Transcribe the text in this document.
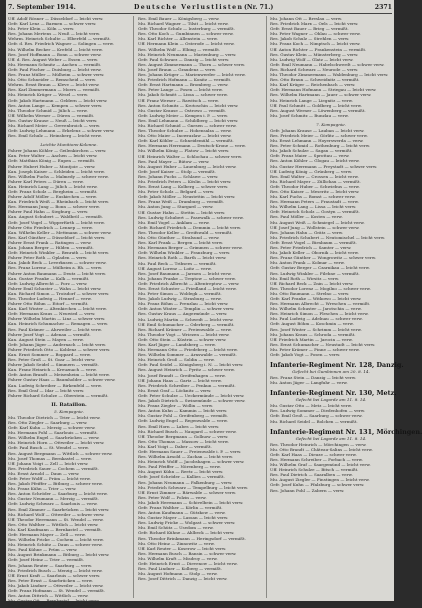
7. September 1914.	Deutsche Verlustlisten (Nr. 71.)	2371
Uff. Adolf Rösner — Düsseldorf — leicht verw.
Gefr. Karl Lenz — Barmen — schwer verw.
Mu. Peter Klein — Köln — verw.
Res. Johann Mertens — Neuß — leicht verw.
Wehrm. Heinrich Schulte — Elberfeld — vermißt.
Gefr. d. Res. Friedrich Wagner — Solingen — verw.
Mu. Wilhelm Becker — Krefeld — leicht verw.
Res. Josef Hoffmann — Bonn — schwer verw.
Uff. d. Res. August Weber — Essen — verw.
Mu. Hermann Schmitz — Aachen — vermißt.
Gefr. Paul Fischer — Duisburg — leicht verw.
Res. Franz Müller — Mülheim — schwer verw.
Mu. Otto Schneider — Remscheid — verw.
Wehrm. Ernst Braun — Kleve — leicht verw.
Res. Karl Zimmermann — Moers — vermißt.
Mu. Heinrich Krüger — Wesel — verw.
Gefr. Jakob Hartmann — Geldern — leicht verw.
Res. Anton Lange — Kempen — schwer verw.
Mu. Theodor Schmid — Jülich — verw.
Uff. Wilhelm Werner — Düren — vermißt.
Res. Gustav Krause — Neuß — leicht verw.
Mu. Richard Meier — Grevenbroich — verw.
Gefr. Ludwig Lehmann — Erkelenz — schwer verw.
Res. Emil Schulz — Heinsberg — leicht verw.
Leichte Munitions-Kolonne.
Fahrer Johann Köhler — Geilenkirchen — verw.
Kan. Peter Walter — Aachen — leicht verw.
Gefr. Matthias König — Eupen — vermißt.
Fahrer Hubert Huber — Montjoie — verw.
Kan. Joseph Kaiser — Schleiden — leicht verw.
Res. Wilhelm Fuchs — Malmedy — schwer verw.
Fahrer Karl Peters — Düren — verw.
Kan. Heinrich Lang — Jülich — leicht verw.
Gefr. Franz Scholz — Bergheim — vermißt.
Fahrer Adolf Möller — Euskirchen — verw.
Kan. Friedrich Weiß — Rheinbach — leicht verw.
Res. Hermann Jung — Bonn — schwer verw.
Fahrer Paul Hahn — Siegburg — verw.
Kan. August Schubert — Waldbröl — vermißt.
Gefr. Josef Vogel — Wipperfürth — leicht verw.
Fahrer Otto Friedrich — Lennep — verw.
Kan. Wilhelm Keller — Mettmann — schwer verw.
Res. Karl Günther — Düsseldorf — leicht verw.
Fahrer Ernst Frank — Ratingen — verw.
Kan. Johann Berger — Hilden — vermißt.
Gefr. Heinrich Winkler — Benrath — leicht verw.
Fahrer Peter Roth — Opladen — verw.
Kan. Jakob Beck — Leverkusen — schwer verw.
Res. Franz Lorenz — Mülheim a. Rh. — verw.
Fahrer Anton Baumann — Deutz — leicht verw.
Kan. Gustav Franke — Kalk — vermißt.
Gefr. Ludwig Albrecht — Porz — verw.
Fahrer Emil Schuster — Wahn — leicht verw.
Kan. Richard Simon — Troisdorf — schwer verw.
Res. Theodor Ludwig — Hennef — verw.
Fahrer Otto Böhm — Eitorf — vermißt.
Kan. Karl Winter — Altenkirchen — leicht verw.
Gefr. Hermann Kraus — Neuwied — verw.
Fahrer Wilhelm Martin — Linz — schwer verw.
Kan. Heinrich Schumacher — Remagen — verw.
Res. Paul Krämer — Ahrweiler — leicht verw.
Fahrer Josef Vogt — Adenau — vermißt.
Kan. August Stein — Mayen — verw.
Gefr. Johann Jäger — Andernach — leicht verw.
Fahrer Friedrich Otto — Koblenz — schwer verw.
Kan. Ernst Sommer — Boppard — verw.
Res. Peter Groß — St. Goar — leicht verw.
Fahrer Jakob Seidel — Simmern — vermißt.
Kan. Franz Heinrich — Kreuznach — verw.
Gefr. Anton Brandt — Meisenheim — leicht verw.
Fahrer Gustav Haas — Baumholder — schwer verw.
Kan. Ludwig Schreiber — Birkenfeld — verw.
Res. Emil Graf — Idar — leicht verw.
Fahrer Richard Schulze — Oberstein — vermißt.
II. Bataillon.
5. Kompagnie.
Mu. Theodor Dietrich — Trier — leicht verw.
Res. Otto Ziegler — Saarburg — verw.
Gefr. Karl Kuhn — Merzig — schwer verw.
Mu. Hermann Pohl — Saarlouis — vermißt.
Res. Wilhelm Engel — Saarbrücken — verw.
Mu. Heinrich Horn — Ottweiler — leicht verw.
Gefr. Paul Busch — St. Wendel — verw.
Res. August Bergmann — Wittlich — schwer verw.
Mu. Josef Thomas — Bernkastel — verw.
Uff. Johann Voigt — Zell — leicht verw.
Res. Friedrich Sauer — Cochem — vermißt.
Mu. Ernst Arnold — Daun — verw.
Gefr. Peter Wolff — Prüm — leicht verw.
Res. Jakob Pfeiffer — Bitburg — schwer verw.
Mu. Franz Kühn — Trier — verw.
Res. Anton Schröder — Saarburg — leicht verw.
Mu. Gustav Neumann — Merzig — vermißt.
Gefr. Ludwig Schwarz — Saarlouis — verw.
Res. Emil Zimmer — Saarbrücken — leicht verw.
Mu. Richard Wolf — Ottweiler — schwer verw.
Uff. Theodor Herrmann — St. Wendel — verw.
Res. Otto Walther — Wittlich — leicht verw.
Mu. Karl Kaufmann — Bernkastel — vermißt.
Gefr. Hermann Mayer — Zell — verw.
Res. Wilhelm Fricke — Cochem — leicht verw.
Mu. Heinrich Schütz — Daun — schwer verw.
Res. Paul Kühne — Prüm — verw.
Mu. August Brinkmann — Bitburg — leicht verw.
Gefr. Josef Heinz — Trier — vermißt.
Res. Johann Reuter — Saarburg — verw.
Mu. Friedrich Busch — Merzig — leicht verw.
Uff. Ernst Kraft — Saarlouis — schwer verw.
Res. Peter Ernst — Saarbrücken — verw.
Mu. Jakob Lindner — Ottweiler — leicht verw.
Gefr. Franz Hofmann — St. Wendel — vermißt.
Res. Anton Dittrich — Wittlich — verw.
Mu. Gustav Ott — Bernkastel — leicht verw.
Res. Ludwig Marx — Zell — schwer verw.
Res. Emil Bauer — Königsberg — verw.
Mu. Richard Wagner — Tilsit — leicht verw.
Gefr. Theodor Schulz — Insterburg — vermißt.
Res. Otto Koch — Gumbinnen — schwer verw.
Mu. Karl Richter — Allenstein — verw.
Uff. Hermann Klein — Osterode — leicht verw.
Res. Wilhelm Wolf — Elbing — vermißt.
Mu. Heinrich Neumann — Marienburg — verw.
Gefr. Paul Schwarz — Danzig — leicht verw.
Res. August Zimmermann — Thorn — schwer verw.
Mu. Josef Braun — Graudenz — verw.
Res. Johann Krüger — Marienwerder — leicht verw.
Mu. Friedrich Hofmann — Konitz — vermißt.
Gefr. Ernst Hartmann — Bromberg — verw.
Res. Peter Lange — Posen — leicht verw.
Mu. Jakob Schmitt — Lissa — schwer verw.
Uff. Franz Werner — Rawitsch — verw.
Res. Anton Schmitz — Krotoschin — leicht verw.
Mu. Gustav Krause — Ostrowo — vermißt.
Gefr. Ludwig Meier — Kempen i. P. — verw.
Res. Emil Lehmann — Schildberg — leicht verw.
Mu. Richard Schmid — Gnesen — schwer verw.
Res. Theodor Schulze — Hohensalza — verw.
Mu. Otto Maier — Inowrazlaw — leicht verw.
Gefr. Karl Köhler — Schneidemühl — vermißt.
Res. Hermann Herrmann — Deutsch-Krone — verw.
Mu. Wilhelm König — Flatow — leicht verw.
Uff. Heinrich Walter — Schlochau — schwer verw.
Res. Paul Mayer — Bütow — verw.
Mu. August Huber — Lauenburg — leicht verw.
Gefr. Josef Kaiser — Stolp — vermißt.
Res. Johann Fuchs — Schlawe — verw.
Mu. Friedrich Peters — Köslin — leicht verw.
Res. Ernst Lang — Kolberg — schwer verw.
Mu. Peter Scholz — Belgard — verw.
Gefr. Jakob Möller — Neustettin — leicht verw.
Res. Franz Weiß — Dramburg — vermißt.
Mu. Anton Jung — Stargard — verw.
Uff. Gustav Hahn — Stettin — leicht verw.
Res. Ludwig Schubert — Pasewalk — schwer verw.
Mu. Emil Vogel — Anklam — verw.
Gefr. Richard Friedrich — Demmin — leicht verw.
Res. Theodor Keller — Greifswald — vermißt.
Mu. Otto Günther — Stralsund — verw.
Res. Karl Frank — Bergen — leicht verw.
Mu. Hermann Berger — Grimmen — schwer verw.
Gefr. Wilhelm Winkler — Franzburg — verw.
Res. Heinrich Roth — Barth — leicht verw.
Mu. Paul Beck — Tribsees — vermißt.
Uff. August Lorenz — Loitz — verw.
Res. Josef Baumann — Jarmen — leicht verw.
Mu. Johann Franke — Treptow — schwer verw.
Gefr. Friedrich Albrecht — Altentreptow — verw.
Res. Ernst Schuster — Friedland — leicht verw.
Mu. Peter Simon — Woldegk — vermißt.
Res. Jakob Ludwig — Strasburg — verw.
Mu. Franz Böhm — Prenzlau — leicht verw.
Gefr. Anton Winter — Templin — schwer verw.
Res. Gustav Kraus — Angermünde — verw.
Mu. Ludwig Martin — Schwedt — leicht verw.
Uff. Emil Schumacher — Oderberg — vermißt.
Res. Richard Krämer — Freienwalde — verw.
Mu. Theodor Vogt — Wriezen — leicht verw.
Gefr. Otto Stein — Küstrin — schwer verw.
Res. Karl Jäger — Landsberg — verw.
Mu. Hermann Otto — Friedeberg — leicht verw.
Res. Wilhelm Sommer — Arnswalde — vermißt.
Mu. Heinrich Groß — Soldin — verw.
Gefr. Paul Seidel — Königsberg i. N. — leicht verw.
Res. August Heinrich — Pyritz — schwer verw.
Mu. Josef Brandt — Greifenhagen — verw.
Uff. Johann Haas — Gartz — leicht verw.
Res. Friedrich Schreiber — Penkun — vermißt.
Mu. Ernst Graf — Löcknitz — verw.
Gefr. Peter Schulze — Ueckermünde — leicht verw.
Res. Jakob Dietrich — Swinemünde — schwer verw.
Mu. Franz Ziegler — Wollin — verw.
Res. Anton Kuhn — Kammin — leicht verw.
Mu. Gustav Pohl — Greifenberg — vermißt.
Gefr. Ludwig Engel — Regenwalde — verw.
Res. Emil Horn — Labes — leicht verw.
Mu. Richard Busch — Naugard — schwer verw.
Uff. Theodor Bergmann — Gollnow — verw.
Res. Otto Thomas — Massow — leicht verw.
Mu. Karl Voigt — Daber — vermißt.
Gefr. Hermann Sauer — Freienwalde i. P. — verw.
Res. Wilhelm Arnold — Zachan — leicht verw.
Mu. Heinrich Wolff — Jacobshagen — schwer verw.
Res. Paul Pfeiffer — Nörenberg — verw.
Mu. August Kühn — Reetz — leicht verw.
Gefr. Josef Schröder — Kallies — vermißt.
Res. Johann Neumann — Falkenburg — verw.
Mu. Friedrich Schwarz — Tempelburg — leicht verw.
Uff. Ernst Zimmer — Bärwalde — schwer verw.
Res. Peter Wolf — Polzin — verw.
Mu. Jakob Herrmann — Schivelbein — leicht verw.
Gefr. Franz Walther — Körlin — vermißt.
Res. Anton Kaufmann — Gützkow — verw.
Mu. Gustav Mayer — Lassan — leicht verw.
Res. Ludwig Fricke — Wolgast — schwer verw.
Mu. Emil Schütz — Usedom — verw.
Gefr. Richard Kühne — Ahlbeck — leicht verw.
Res. Theodor Brinkmann — Heringsdorf — vermißt.
Mu. Otto Heinz — Zinnowitz — verw.
Uff. Karl Reuter — Koserow — leicht verw.
Res. Hermann Busch — Bansin — schwer verw.
Mu. Wilhelm Kraft — Misdroy — verw.
Gefr. Heinrich Ernst — Dievenow — leicht verw.
Res. Paul Lindner — Kolberg — vermißt.
Mu. August Hofmann — Stolp — verw.
Res. Josef Dittrich — Danzig — leicht verw.
Mu. Johann Ott — Breslau — verw.
Res. Friedrich Marx — Oels — leicht verw.
Gefr. Ernst Bauer — Brieg — vermißt.
Mu. Peter Wagner — Ohlau — schwer verw.
Res. Jakob Schulz — Strehlen — verw.
Mu. Franz Koch — Nimptsch — leicht verw.
Uff. Anton Richter — Frankenstein — vermißt.
Res. Gustav Klein — Münsterberg — verw.
Mu. Ludwig Wolf — Glatz — leicht verw.
Gefr. Emil Neumann — Habelschwerdt — schwer verw.
Res. Richard Schwarz — Neurode — verw.
Mu. Theodor Zimmermann — Waldenburg — leicht verw.
Res. Otto Braun — Schweidnitz — vermißt.
Mu. Karl Krüger — Reichenbach — verw.
Gefr. Hermann Hofmann — Striegau — leicht verw.
Res. Wilhelm Hartmann — Jauer — schwer verw.
Mu. Heinrich Lange — Liegnitz — verw.
Uff. Paul Schmitt — Goldberg — leicht verw.
Res. August Werner — Löwenberg — vermißt.
Mu. Josef Schmitz — Bunzlau — verw.
7. Kompagnie.
Gefr. Johann Krause — Lauban — leicht verw.
Res. Friedrich Meier — Görlitz — schwer verw.
Mu. Ernst Lehmann — Hoyerswerda — verw.
Res. Peter Schmid — Rothenburg — leicht verw.
Mu. Jakob Schulze — Sagan — vermißt.
Gefr. Franz Maier — Sprottau — verw.
Res. Anton Köhler — Glogau — leicht verw.
Mu. Gustav Herrmann — Freystadt — schwer verw.
Uff. Ludwig König — Grünberg — verw.
Res. Emil Walter — Crossen — leicht verw.
Mu. Richard Mayer — Züllichau — vermißt.
Gefr. Theodor Huber — Schwiebus — verw.
Res. Otto Kaiser — Meseritz — leicht verw.
Mu. Karl Fuchs — Bomst — schwer verw.
Res. Hermann Peters — Fraustadt — verw.
Mu. Wilhelm Lang — Lissa — leicht verw.
Gefr. Heinrich Scholz — Gostyn — vermißt.
Res. Paul Möller — Kosten — verw.
Mu. August Weiß — Schmiegel — leicht verw.
Uff. Josef Jung — Wollstein — schwer verw.
Res. Johann Hahn — Grätz — verw.
Mu. Friedrich Schubert — Neutomischel — leicht verw.
Gefr. Ernst Vogel — Birnbaum — vermißt.
Res. Peter Friedrich — Samter — verw.
Mu. Jakob Keller — Obornik — leicht verw.
Res. Franz Günther — Wongrowitz — schwer verw.
Mu. Anton Frank — Kolmar — verw.
Gefr. Gustav Berger — Czarnikau — leicht verw.
Res. Ludwig Winkler — Filehne — vermißt.
Mu. Emil Roth — Wirsitz — verw.
Uff. Richard Beck — Znin — leicht verw.
Res. Theodor Lorenz — Mogilno — schwer verw.
Mu. Otto Baumann — Strelno — verw.
Gefr. Karl Franke — Witkowo — leicht verw.
Res. Hermann Albrecht — Wreschen — vermißt.
Mu. Wilhelm Schuster — Jarotschin — verw.
Res. Heinrich Simon — Pleschen — leicht verw.
Mu. Paul Ludwig — Adelnau — schwer verw.
Gefr. August Böhm — Koschmin — verw.
Res. Josef Winter — Schrimm — leicht verw.
Mu. Johann Kraus — Schroda — vermißt.
Uff. Friedrich Martin — Jarocin — verw.
Res. Ernst Schumacher — Neustadt — leicht verw.
Mu. Peter Krämer — Pinne — schwer verw.
Gefr. Jakob Vogt — Posen — verw.
Infanterie-Regiment Nr. 128, Danzig.
Gefecht bei Gumbinnen am 20. 8. 14.
Res. Franz Stein — Danzig — leicht verw.
Mu. Anton Jäger — Langfuhr — verw.
Infanterie-Regiment Nr. 130, Metz.
Gefecht bei Lagarde am 11. 8. 14.
Mu. Gustav Otto — Metz — leicht verw.
Res. Ludwig Sommer — Diedenhofen — verw.
Gefr. Emil Groß — Saarburg — schwer verw.
Mu. Richard Seidel — Bolchen — vermißt.
Infanterie-Regiment Nr. 131, Mörchingen.
Gefecht bei Lagarde am 11. 8. 14.
Res. Theodor Heinrich — Mörchingen — verw.
Mu. Otto Brandt — Château-Salins — leicht verw.
Gefr. Karl Haas — Dieuze — schwer verw.
Res. Hermann Schreiber — Forbach — verw.
Mu. Wilhelm Graf — Saargemünd — leicht verw.
Uff. Heinrich Schulze — Bitsch — vermißt.
Res. Paul Dietrich — Saaralben — verw.
Mu. August Ziegler — Finstingen — leicht verw.
Gefr. Josef Kuhn — Pfalzburg — schwer verw.
Res. Johann Pohl — Zabern — verw.
